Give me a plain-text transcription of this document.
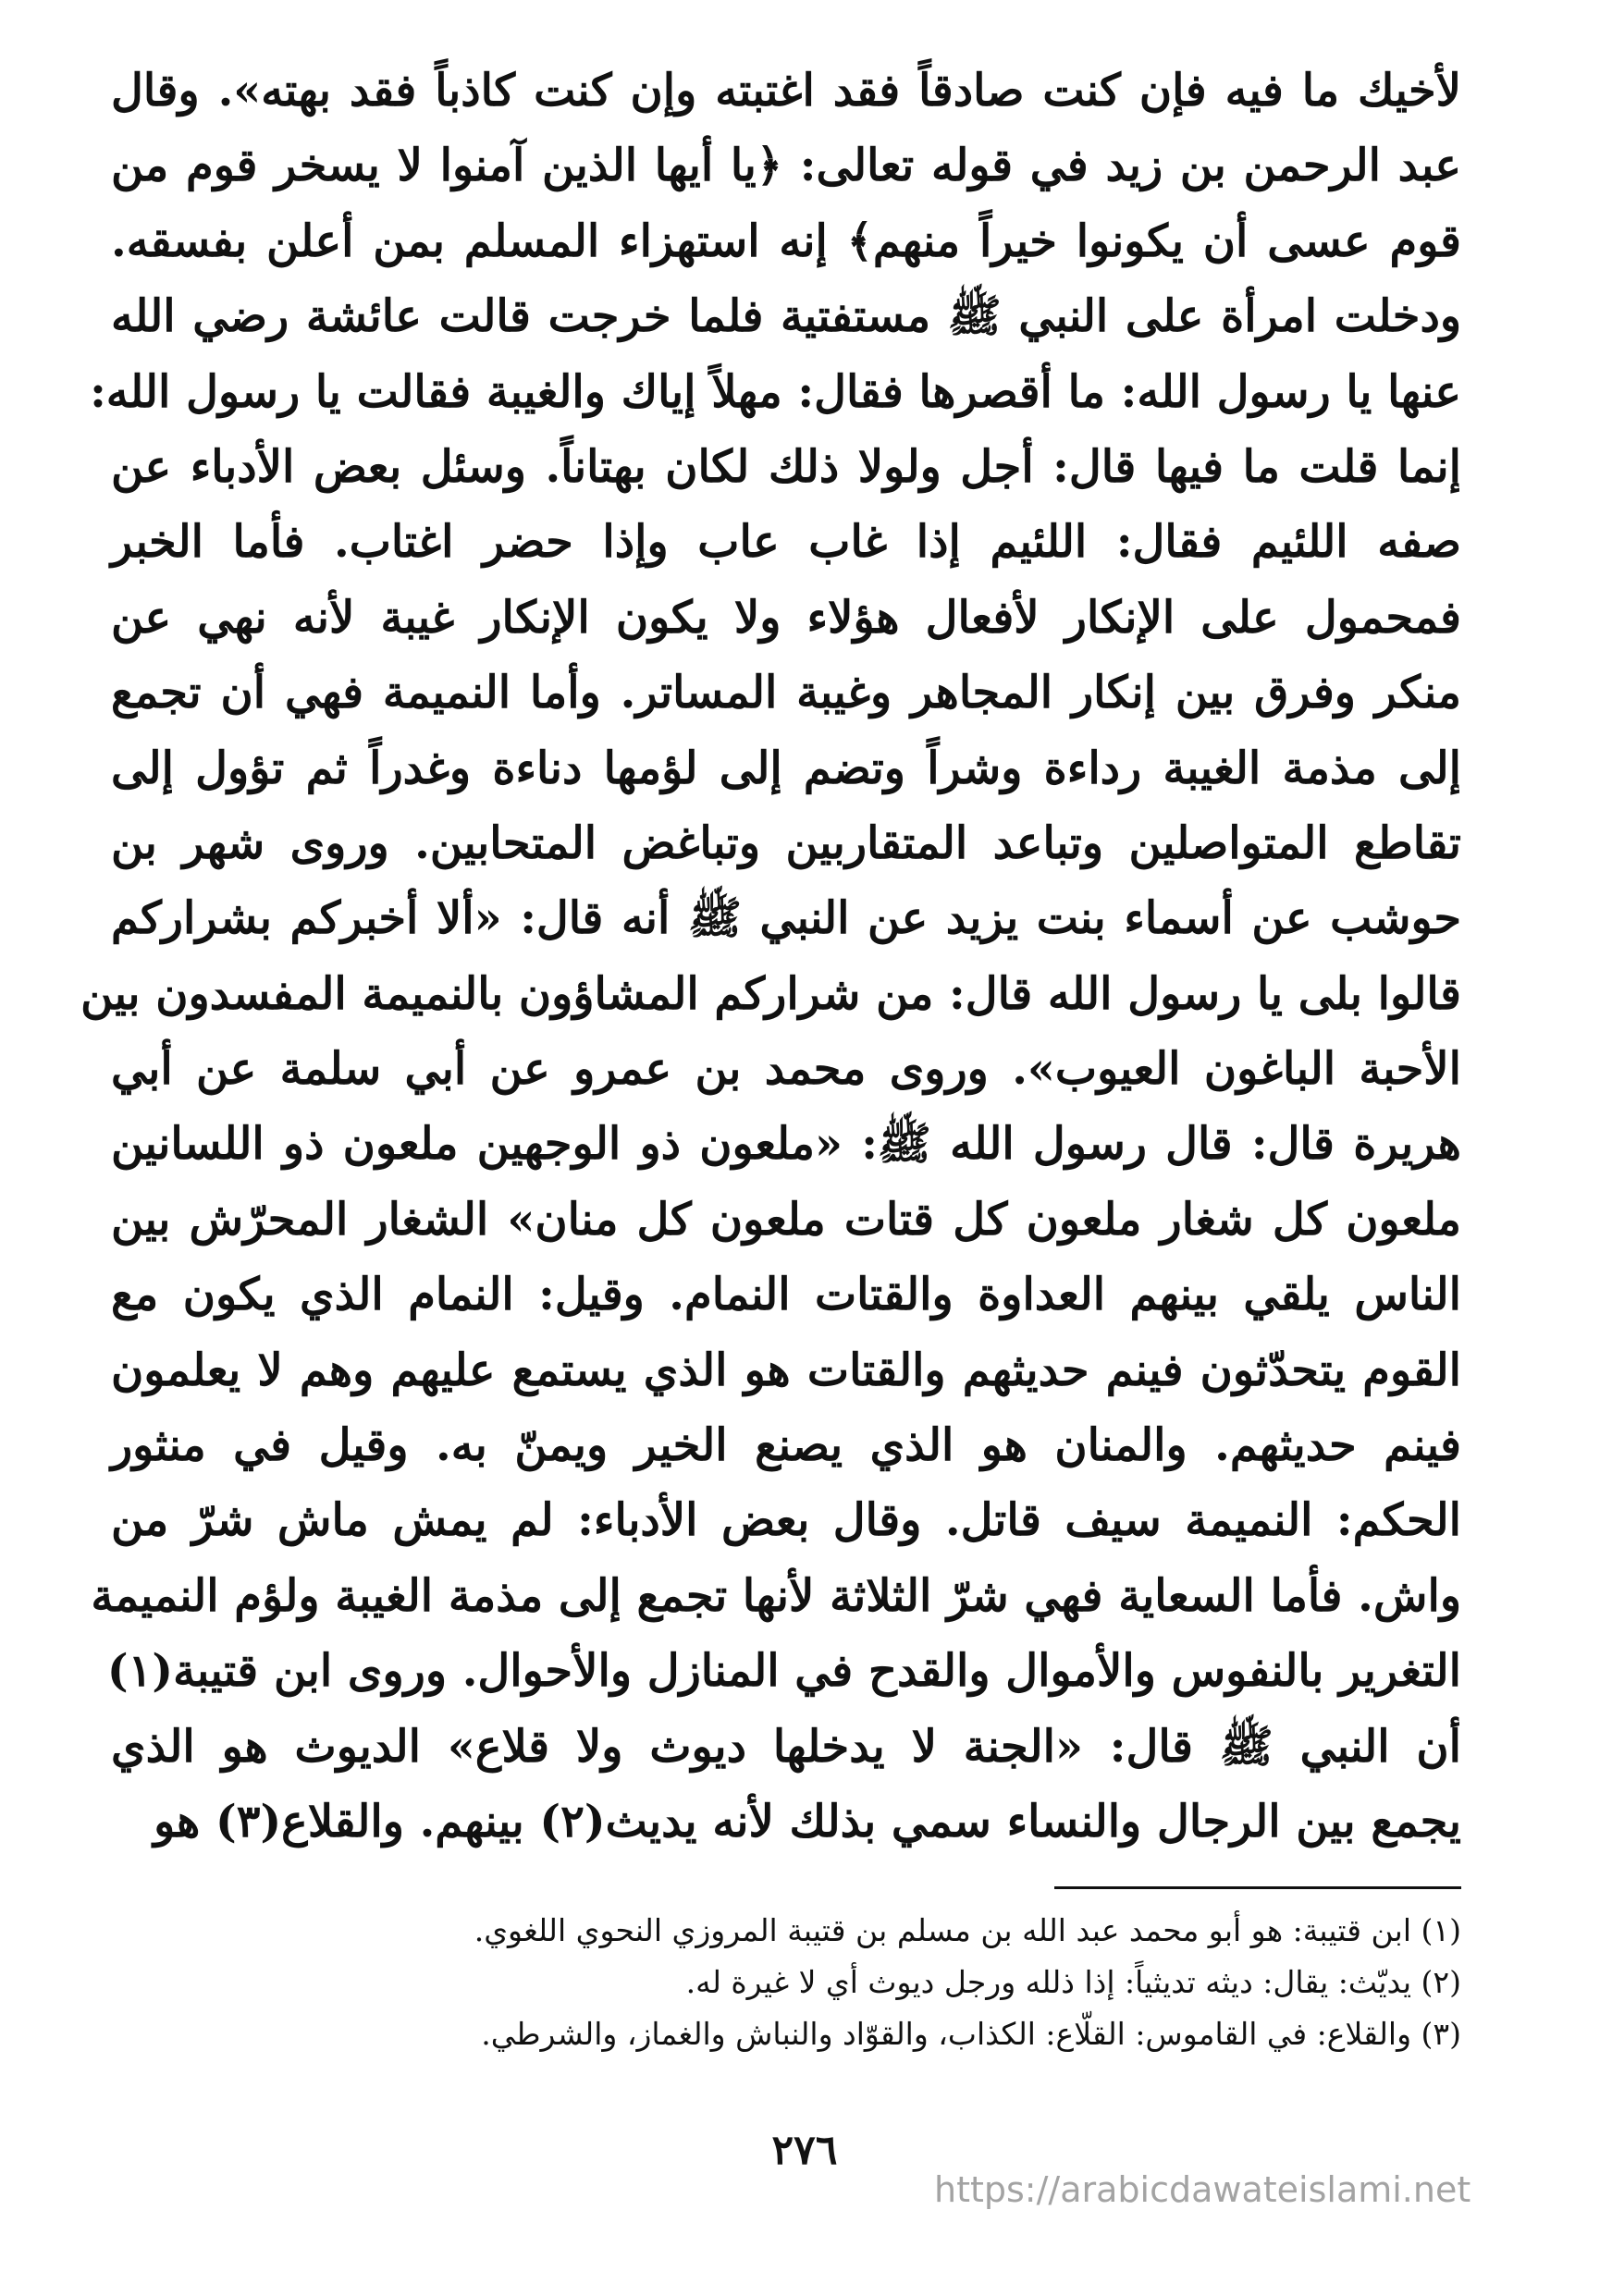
لأخيك ما فيه فإن كنت صادقاً فقد اغتبته وإن كنت كاذباً فقد بهته». وقال
عبد الرحمن بن زيد في قوله تعالى: ﴿يا أيها الذين آمنوا لا يسخر قوم من
قوم عسى أن يكونوا خيراً منهم﴾ إنه استهزاء المسلم بمن أعلن بفسقه.
ودخلت امرأة على النبي ﷺ مستفتية فلما خرجت قالت عائشة رضي الله
عنها يا رسول الله: ما أقصرها فقال: مهلاً إياك والغيبة فقالت يا رسول الله:
إنما قلت ما فيها قال: أجل ولولا ذلك لكان بهتاناً. وسئل بعض الأدباء عن
صفه اللئيم فقال: اللئيم إذا غاب عاب وإذا حضر اغتاب. فأما الخبر
فمحمول على الإنكار لأفعال هؤلاء ولا يكون الإنكار غيبة لأنه نهي عن
منكر وفرق بين إنكار المجاهر وغيبة المساتر. وأما النميمة فهي أن تجمع
إلى مذمة الغيبة رداءة وشراً وتضم إلى لؤمها دناءة وغدراً ثم تؤول إلى
تقاطع المتواصلين وتباعد المتقاربين وتباغض المتحابين. وروى شهر بن
حوشب عن أسماء بنت يزيد عن النبي ﷺ أنه قال: «ألا أخبركم بشراركم
قالوا بلى يا رسول الله قال: من شراركم المشاؤون بالنميمة المفسدون بين
الأحبة الباغون العيوب». وروى محمد بن عمرو عن أبي سلمة عن أبي
هريرة قال: قال رسول الله ﷺ: «ملعون ذو الوجهين ملعون ذو اللسانين
ملعون كل شغار ملعون كل قتات ملعون كل منان» الشغار المحرّش بين
الناس يلقي بينهم العداوة والقتات النمام. وقيل: النمام الذي يكون مع
القوم يتحدّثون فينم حديثهم والقتات هو الذي يستمع عليهم وهم لا يعلمون
فينم حديثهم. والمنان هو الذي يصنع الخير ويمنّ به. وقيل في منثور
الحكم: النميمة سيف قاتل. وقال بعض الأدباء: لم يمش ماش شرّ من
واش. فأما السعاية فهي شرّ الثلاثة لأنها تجمع إلى مذمة الغيبة ولؤم النميمة
التغرير بالنفوس والأموال والقدح في المنازل والأحوال. وروى ابن قتيبة(١)
أن النبي ﷺ قال: «الجنة لا يدخلها ديوث ولا قلاع» الديوث هو الذي
يجمع بين الرجال والنساء سمي بذلك لأنه يديث(٢) بينهم. والقلاع(٣) هو
(١) ابن قتيبة: هو أبو محمد عبد الله بن مسلم بن قتيبة المروزي النحوي اللغوي.
(٢) يديّث: يقال: ديثه تديثياً: إذا ذلله ورجل ديوث أي لا غيرة له.
(٣) والقلاع: في القاموس: القلّاع: الكذاب، والقوّاد والنباش والغماز، والشرطي.
٢٧٦
https://arabicdawateislami.net
